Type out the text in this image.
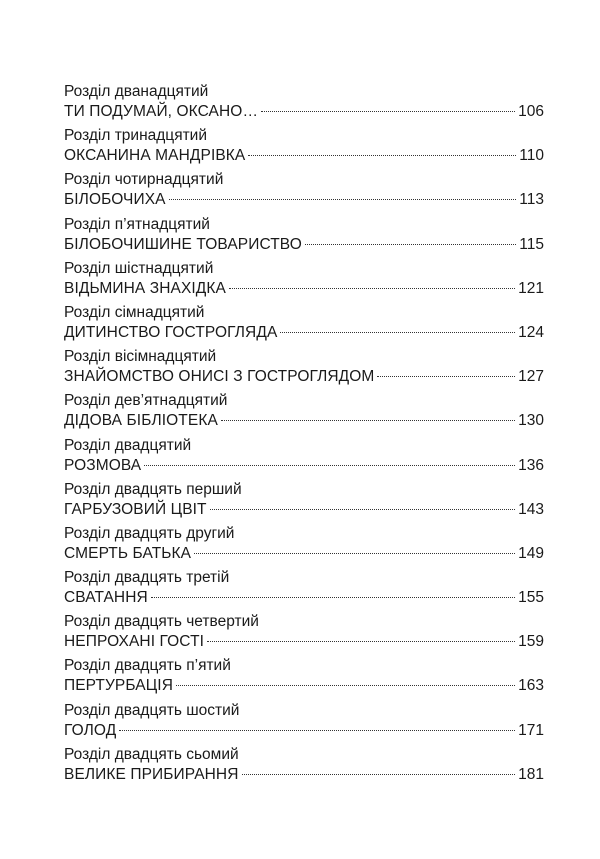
Розділ дванадцятий
ТИ ПОДУМАЙ, ОКСАНО…	106
Розділ тринадцятий
ОКСАНИНА МАНДРІВКА	110
Розділ чотирнадцятий
БІЛОБОЧИХА	113
Розділ п’ятнадцятий
БІЛОБОЧИШИНЕ ТОВАРИСТВО	115
Розділ шістнадцятий
ВІДЬМИНА ЗНАХІДКА	121
Розділ сімнадцятий
ДИТИНСТВО ГОСТРОГЛЯДА	124
Розділ вісімнадцятий
ЗНАЙОМСТВО ОНИСІ З ГОСТРОГЛЯДОМ	127
Розділ дев’ятнадцятий
ДІДОВА БІБЛІОТЕКА	130
Розділ двадцятий
РОЗМОВА	136
Розділ двадцять перший
ГАРБУЗОВИЙ ЦВІТ	143
Розділ двадцять другий
СМЕРТЬ БАТЬКА	149
Розділ двадцять третій
СВАТАННЯ	155
Розділ двадцять четвертий
НЕПРОХАНІ ГОСТІ	159
Розділ двадцять п’ятий
ПЕРТУРБАЦІЯ	163
Розділ двадцять шостий
ГОЛОД	171
Розділ двадцять сьомий
ВЕЛИКЕ ПРИБИРАННЯ	181
